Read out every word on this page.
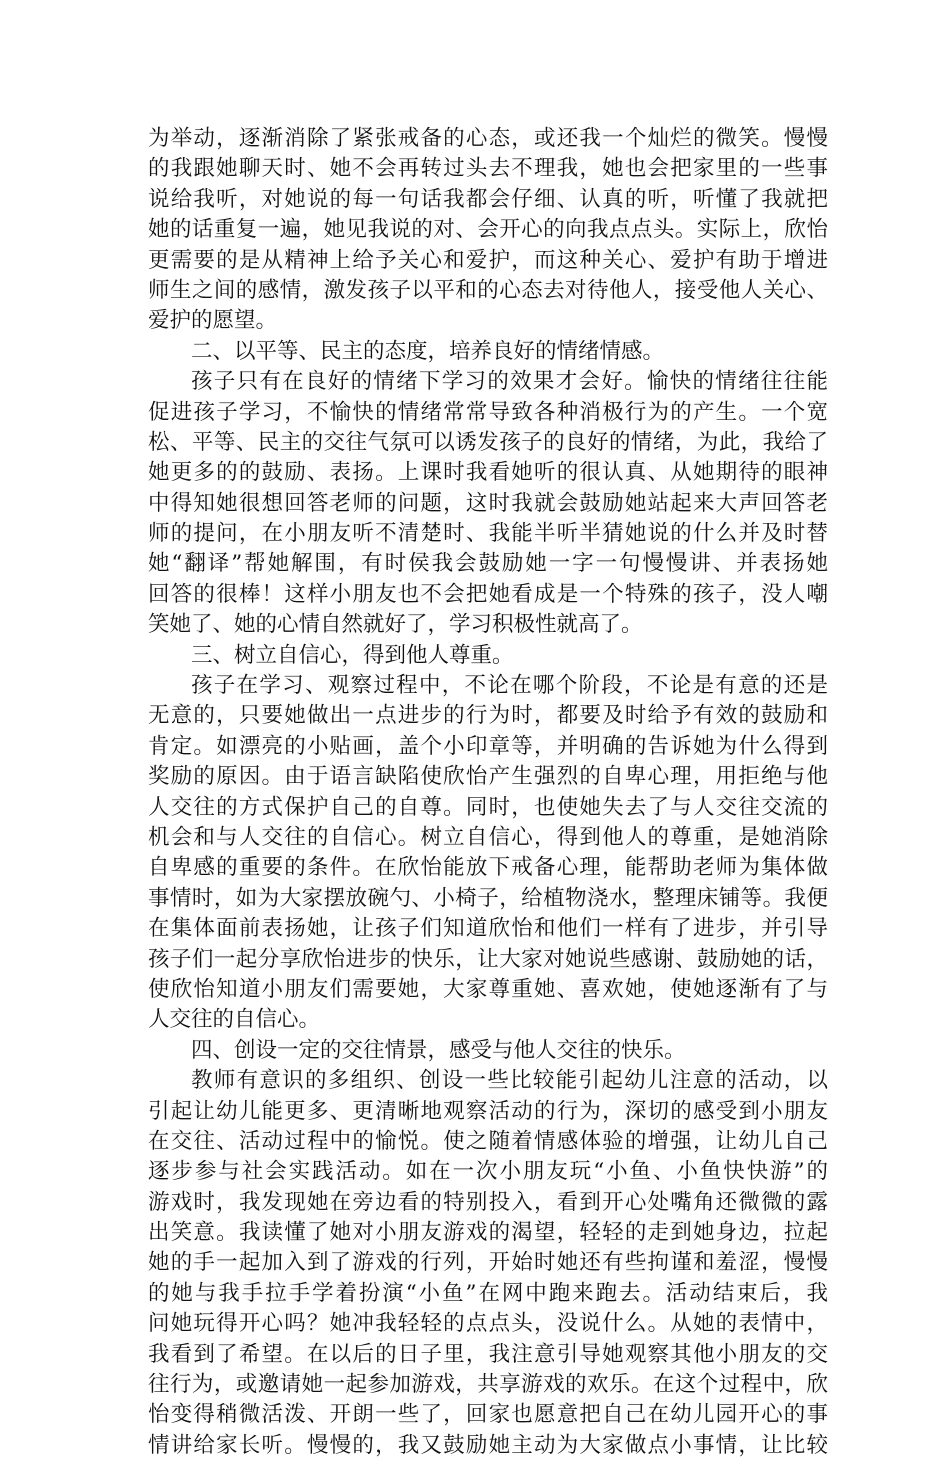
为举动，逐渐消除了紧张戒备的心态，或还我一个灿烂的微笑。慢慢
的我跟她聊天时、她不会再转过头去不理我，她也会把家里的一些事
说给我听，对她说的每一句话我都会仔细、认真的听，听懂了我就把
她的话重复一遍，她见我说的对、会开心的向我点点头。实际上，欣怡
更需要的是从精神上给予关心和爱护，而这种关心、爱护有助于增进
师生之间的感情，激发孩子以平和的心态去对待他人，接受他人关心、
爱护的愿望。
二、以平等、民主的态度，培养良好的情绪情感。
孩子只有在良好的情绪下学习的效果才会好。愉快的情绪往往能
促进孩子学习，不愉快的情绪常常导致各种消极行为的产生。一个宽
松、平等、民主的交往气氛可以诱发孩子的良好的情绪，为此，我给了
她更多的的鼓励、表扬。上课时我看她听的很认真、从她期待的眼神
中得知她很想回答老师的问题，这时我就会鼓励她站起来大声回答老
师的提问，在小朋友听不清楚时、我能半听半猜她说的什么并及时替
她“翻译”帮她解围，有时侯我会鼓励她一字一句慢慢讲、并表扬她
回答的很棒！这样小朋友也不会把她看成是一个特殊的孩子，没人嘲
笑她了、她的心情自然就好了，学习积极性就高了。
三、树立自信心，得到他人尊重。
孩子在学习、观察过程中，不论在哪个阶段，不论是有意的还是
无意的，只要她做出一点进步的行为时，都要及时给予有效的鼓励和
肯定。如漂亮的小贴画，盖个小印章等，并明确的告诉她为什么得到
奖励的原因。由于语言缺陷使欣怡产生强烈的自卑心理，用拒绝与他
人交往的方式保护自己的自尊。同时，也使她失去了与人交往交流的
机会和与人交往的自信心。树立自信心，得到他人的尊重，是她消除
自卑感的重要的条件。在欣怡能放下戒备心理，能帮助老师为集体做
事情时，如为大家摆放碗勺、小椅子，给植物浇水，整理床铺等。我便
在集体面前表扬她，让孩子们知道欣怡和他们一样有了进步，并引导
孩子们一起分享欣怡进步的快乐，让大家对她说些感谢、鼓励她的话，
使欣怡知道小朋友们需要她，大家尊重她、喜欢她，使她逐渐有了与
人交往的自信心。
四、创设一定的交往情景，感受与他人交往的快乐。
教师有意识的多组织、创设一些比较能引起幼儿注意的活动，以
引起让幼儿能更多、更清晰地观察活动的行为，深切的感受到小朋友
在交往、活动过程中的愉悦。使之随着情感体验的增强，让幼儿自己
逐步参与社会实践活动。如在一次小朋友玩“小鱼、小鱼快快游”的
游戏时，我发现她在旁边看的特别投入，看到开心处嘴角还微微的露
出笑意。我读懂了她对小朋友游戏的渴望，轻轻的走到她身边，拉起
她的手一起加入到了游戏的行列，开始时她还有些拘谨和羞涩，慢慢
的她与我手拉手学着扮演“小鱼”在网中跑来跑去。活动结束后，我
问她玩得开心吗？她冲我轻轻的点点头，没说什么。从她的表情中，
我看到了希望。在以后的日子里，我注意引导她观察其他小朋友的交
往行为，或邀请她一起参加游戏，共享游戏的欢乐。在这个过程中，欣
怡变得稍微活泼、开朗一些了，回家也愿意把自己在幼儿园开心的事
情讲给家长听。慢慢的，我又鼓励她主动为大家做点小事情，让比较
